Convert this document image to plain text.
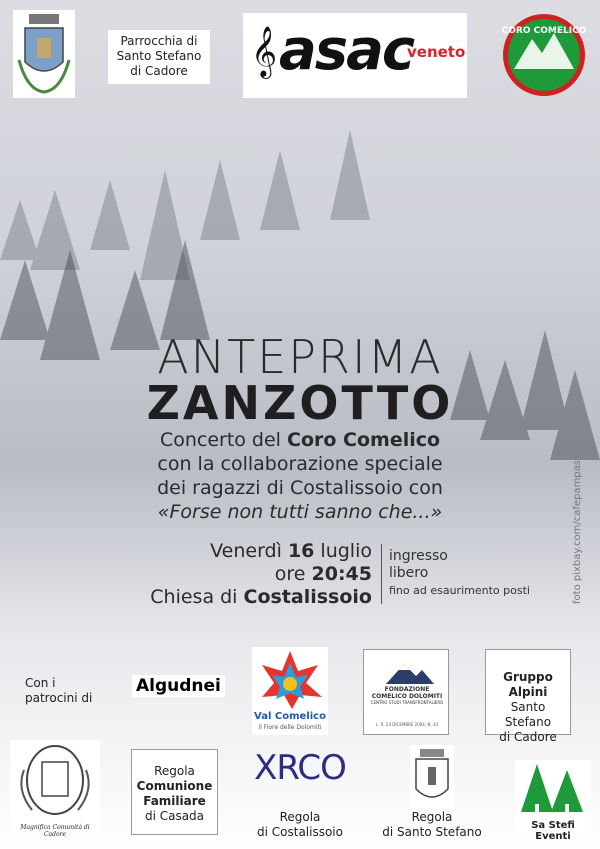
Parrocchia di
Santo Stefano
di Cadore	𝄞 asac
veneto
CORO COMELICO
ANTEPRIMA
ZANZOTTO
Concerto del Coro Comelico
con la collaborazione speciale
dei ragazzi di Costalissoio con
«Forse non tutti sanno che...»
Venerdì 16 luglio
ore 20:45
Chiesa di Costalissoio
ingresso
libero
fino ad esaurimento posti	foto pixbay.com/cafepampas
Con i
patrocini di
Algudnei
Val Comelico
il Fiore delle Dolomiti
FONDAZIONE
COMELICO DOLOMITI
CENTRO STUDI TRANSFRONTALIERO
L. R. 24 DICEMBRE 2004, N. 34
Gruppo Alpini
Santo Stefano
di Cadore
Magnifica Comunità di Cadore
Regola
Comunione
Familiare
di Casada
XRCO
Regola
di Costalissoio
Regola
di Santo Stefano	Sa Stefi Eventi
